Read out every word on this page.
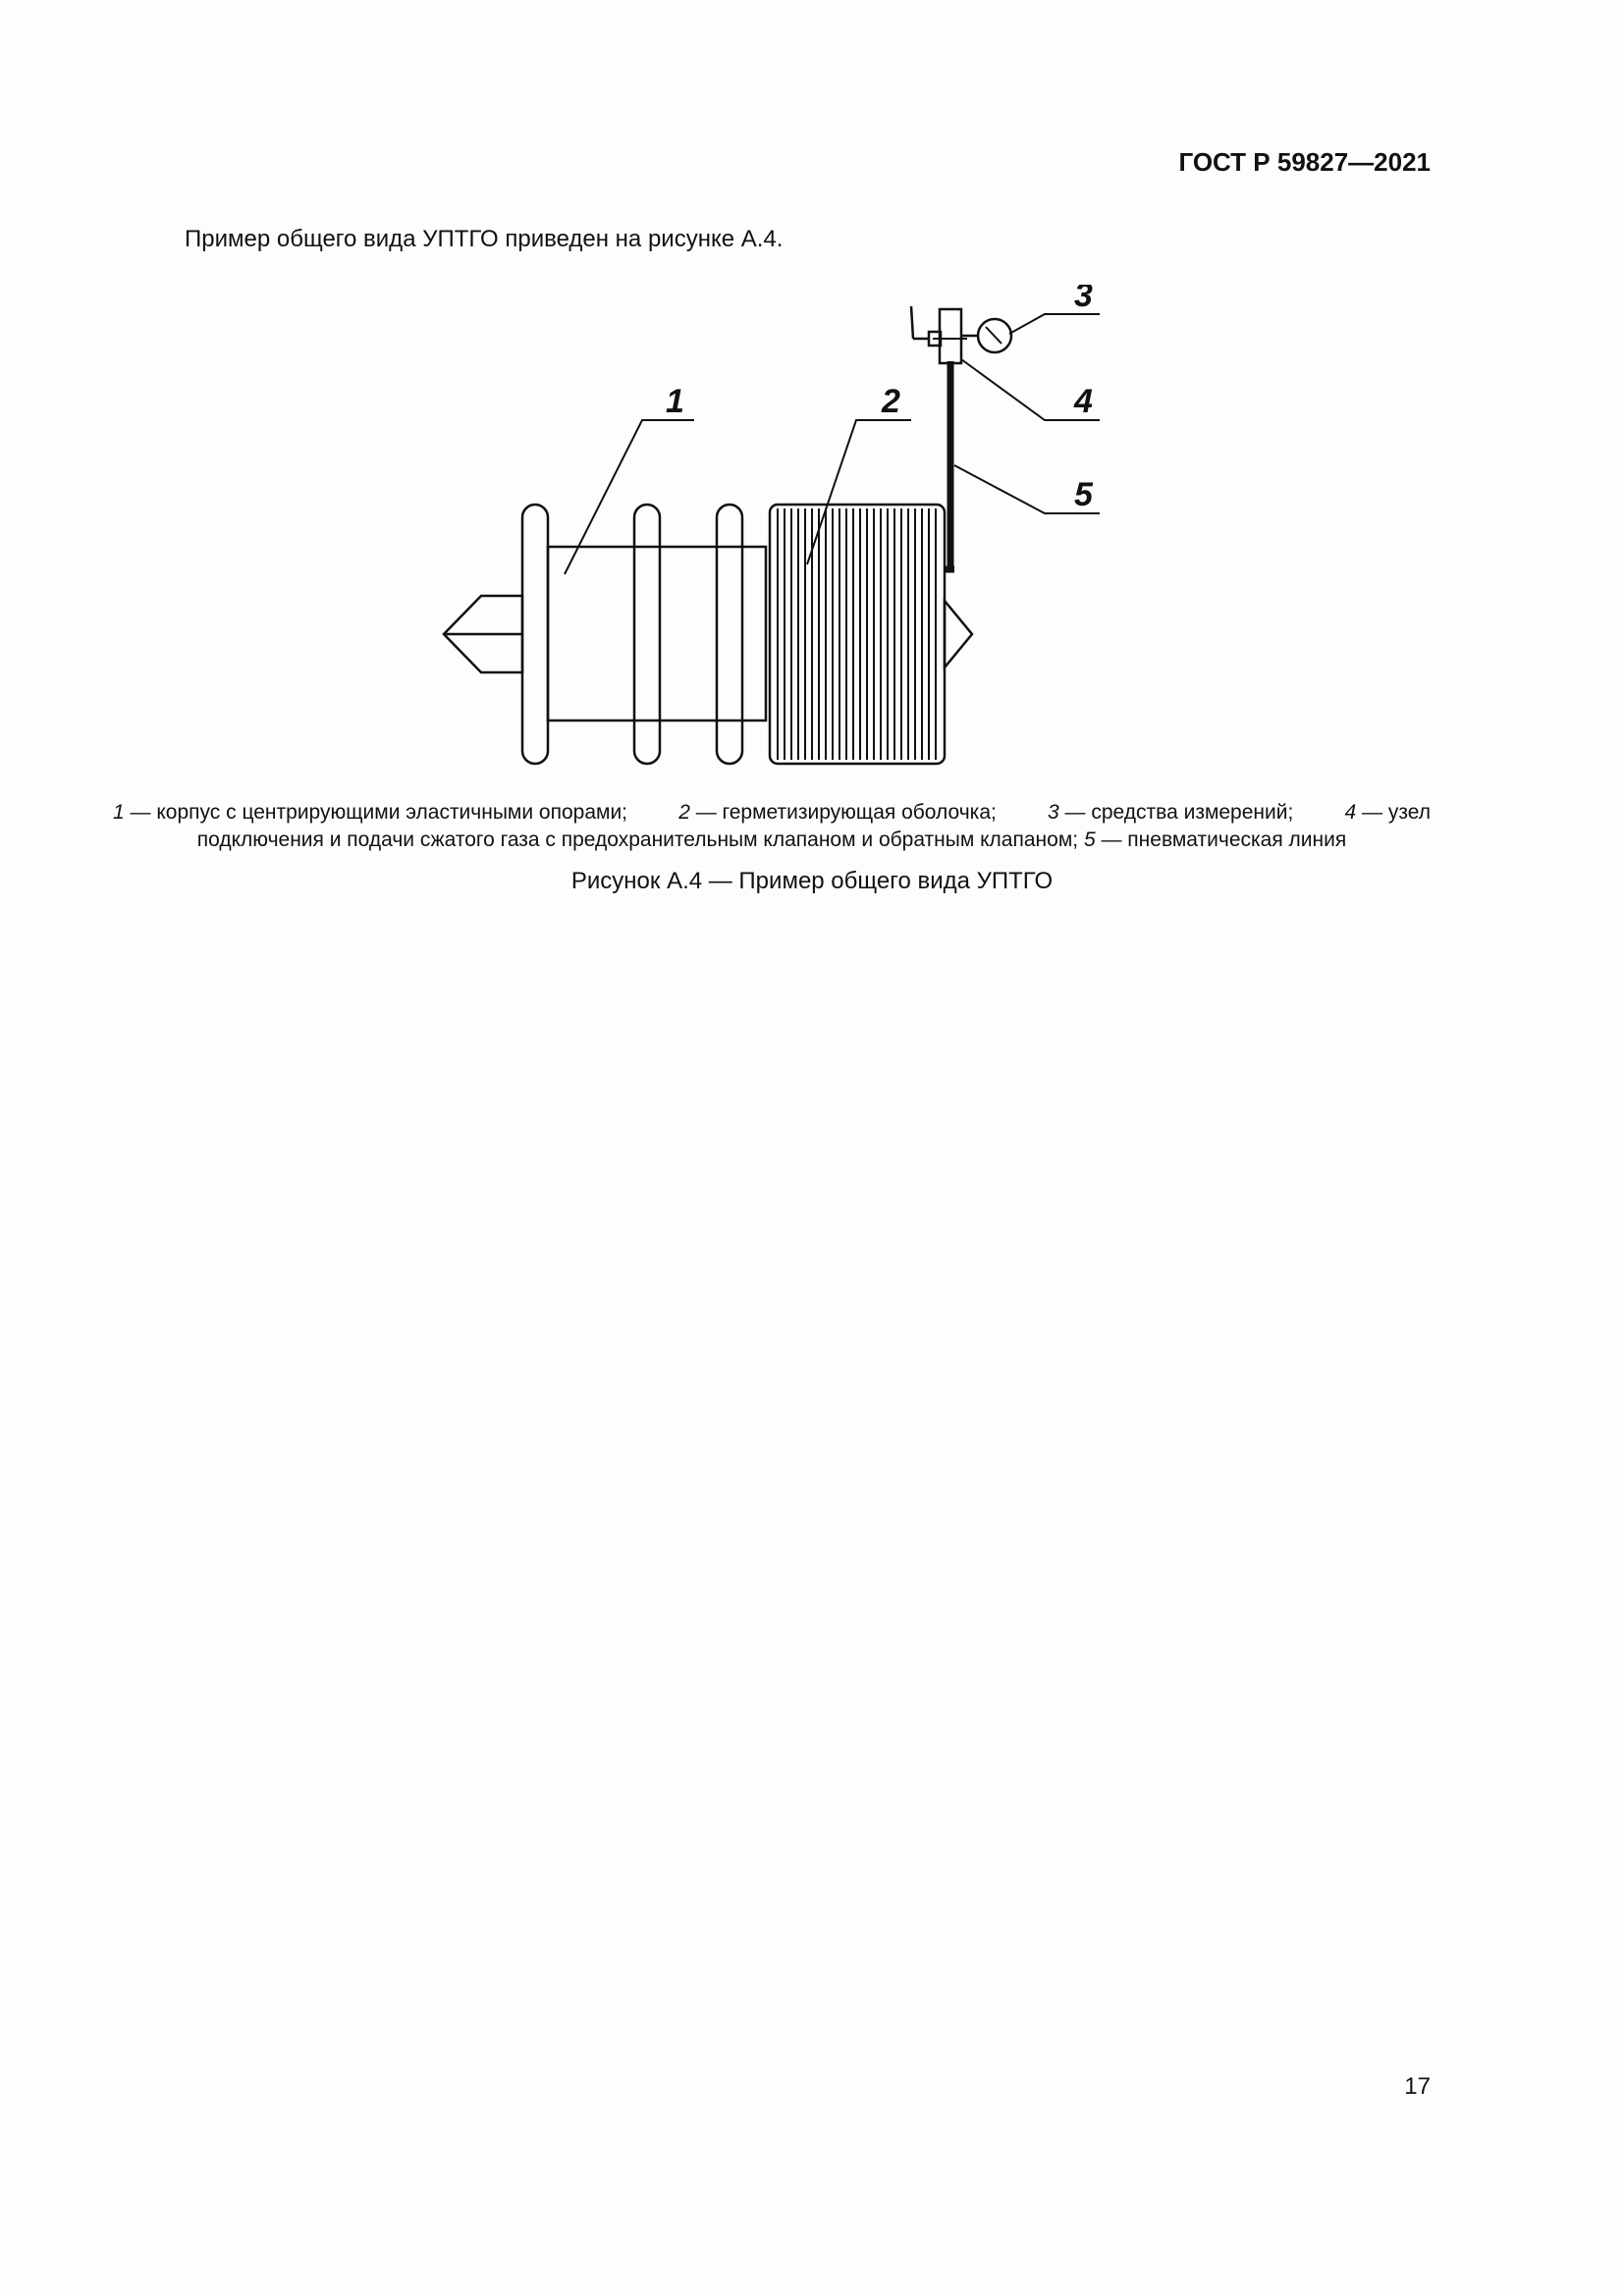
ГОСТ Р 59827—2021
Пример общего вида УПТГО приведен на рисунке А.4.
1	2
3
4
5
1 — корпус с центрирующими эластичными опорами; 2 — герметизирующая оболочка; 3 — средства измерений; 4 — узел
подключения и подачи сжатого газа с предохранительным клапаном и обратным клапаном; 5 — пневматическая линия
Рисунок А.4 — Пример общего вида УПТГО
17
